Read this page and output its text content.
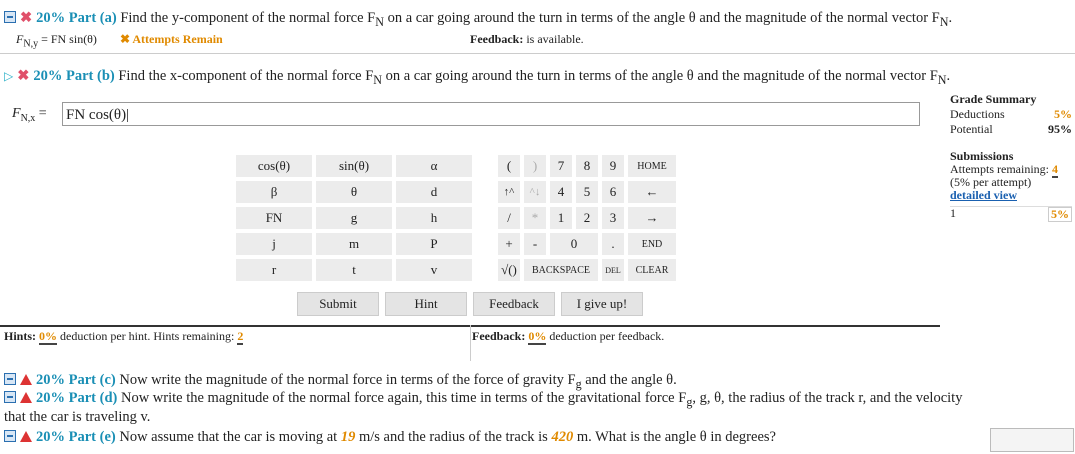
✖ 20% Part (a) Find the y-component of the normal force $F_N$ on a car going around the turn in terms of the angle θ and the magnitude of the normal vector $F_N$.
$F_{N,y}$ = FN sin(θ) ✖ Attempts Remain	Feedback: is available.
▷ ✖ 20% Part (b) Find the x-component of the normal force $F_N$ on a car going around the turn in terms of the angle θ and the magnitude of the normal vector $F_N$.
$F_{N,x}$ = FN cos(θ)|
Grade Summary
Deductions	5%
Potential	95%
Submissions
Attempts remaining: 4
(5% per attempt)
detailed view
1	5%
cos(θ)	sin(θ)	α
β	θ	d
FN	g	h
j	m	P
r	t	v
(	)	7	8	9	HOME
↑^	^↓	4	5	6	←
/	*	1	2	3	→
+	-	0		.	END
√()	BACKSPACE			DEL	CLEAR
Submit	Hint	Feedback	I give up!
Hints: 0% deduction per hint. Hints remaining: 2	Feedback: 0% deduction per feedback.
20% Part (c) Now write the magnitude of the normal force in terms of the force of gravity $F_g$ and the angle θ.
20% Part (d) Now write the magnitude of the normal force again, this time in terms of the gravitational force $F_g$, g, θ, the radius of the track r, and the velocity
that the car is traveling v.
20% Part (e) Now assume that the car is moving at 19 m/s and the radius of the track is 420 m. What is the angle θ in degrees?
